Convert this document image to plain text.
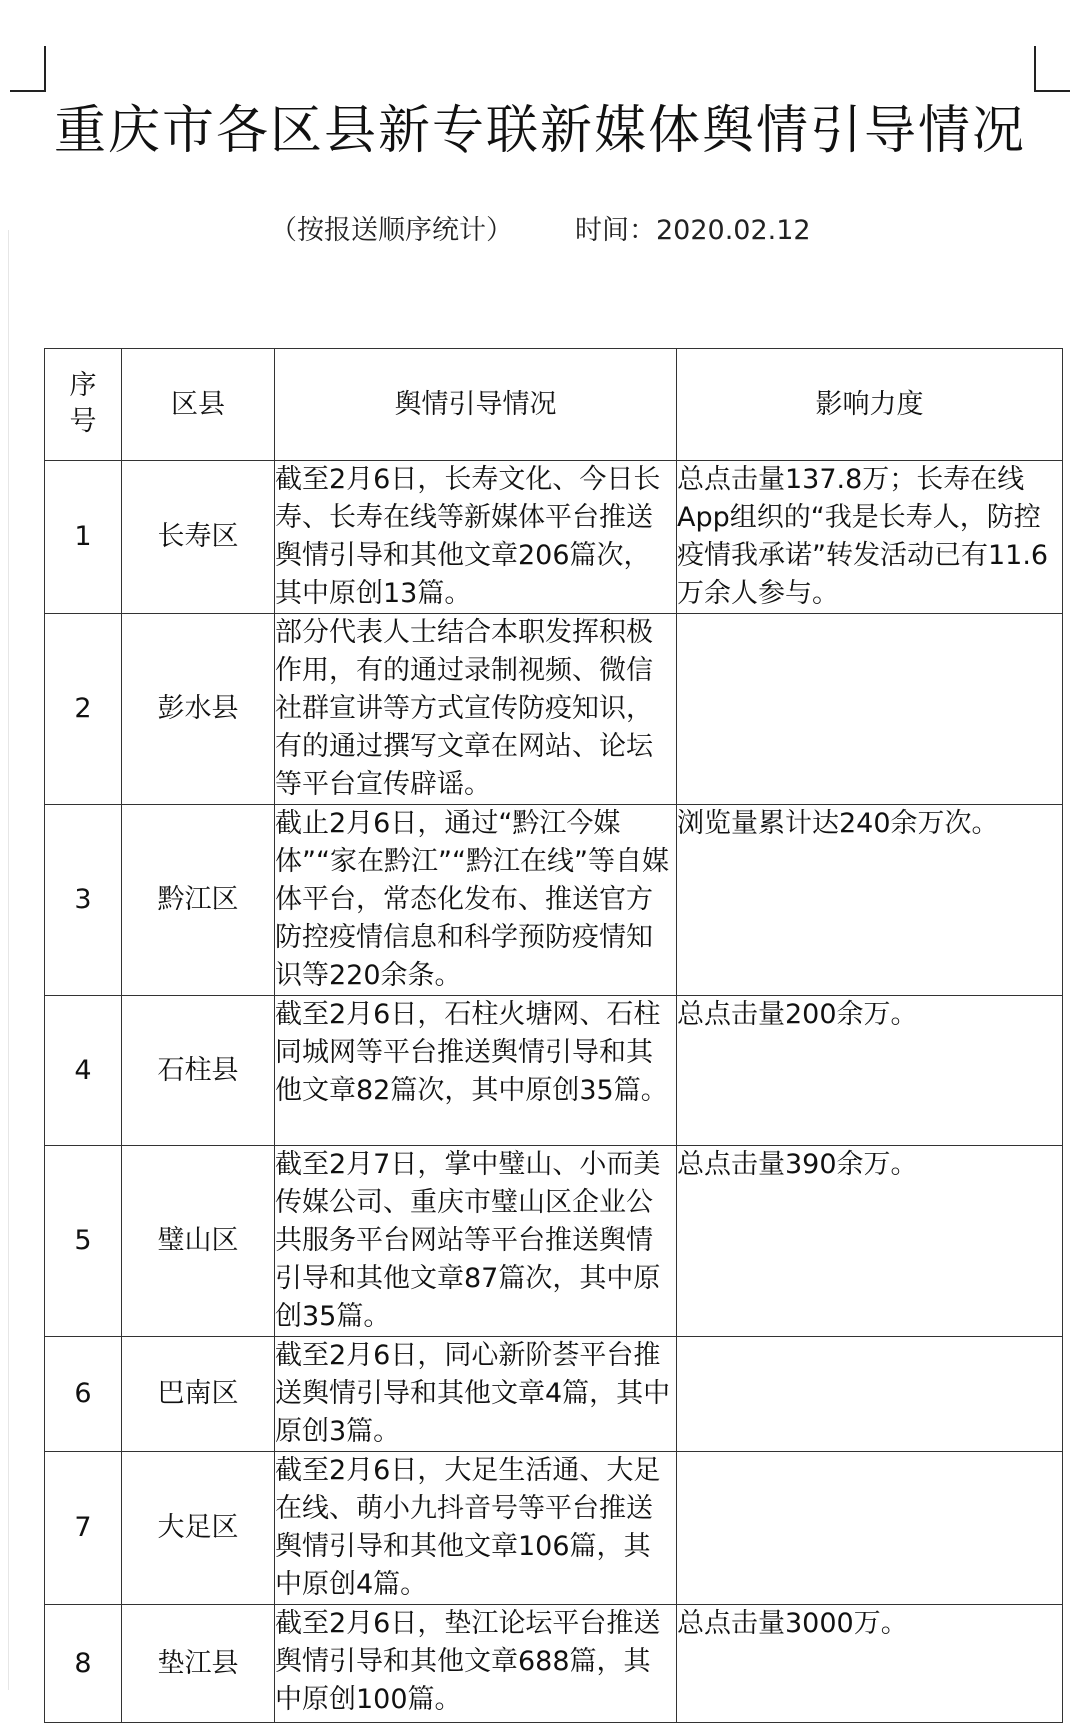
重庆市各区县新专联新媒体舆情引导情况
（按报送顺序统计） 时间：2020.02.12
序号	区县	舆情引导情况	影响力度
1	长寿区	截至2月6日，长寿文化、今日长寿、长寿在线等新媒体平台推送舆情引导和其他文章206篇次，其中原创13篇。	总点击量137.8万；长寿在线App组织的“我是长寿人，防控疫情我承诺”转发活动已有11.6万余人参与。
2	彭水县	部分代表人士结合本职发挥积极作用，有的通过录制视频、微信社群宣讲等方式宣传防疫知识，有的通过撰写文章在网站、论坛等平台宣传辟谣。	
3	黔江区	截止2月6日，通过“黔江今媒体”“家在黔江”“黔江在线”等自媒体平台，常态化发布、推送官方防控疫情信息和科学预防疫情知识等220余条。	浏览量累计达240余万次。
4	石柱县	截至2月6日，石柱火塘网、石柱同城网等平台推送舆情引导和其他文章82篇次，其中原创35篇。	总点击量200余万。
5	璧山区	截至2月7日，掌中璧山、小而美传媒公司、重庆市璧山区企业公共服务平台网站等平台推送舆情引导和其他文章87篇次，其中原创35篇。	总点击量390余万。
6	巴南区	截至2月6日，同心新阶荟平台推送舆情引导和其他文章4篇，其中原创3篇。	
7	大足区	截至2月6日，大足生活通、大足在线、萌小九抖音号等平台推送舆情引导和其他文章106篇，其中原创4篇。	
8	垫江县	截至2月6日，垫江论坛平台推送舆情引导和其他文章688篇，其中原创100篇。	总点击量3000万。
